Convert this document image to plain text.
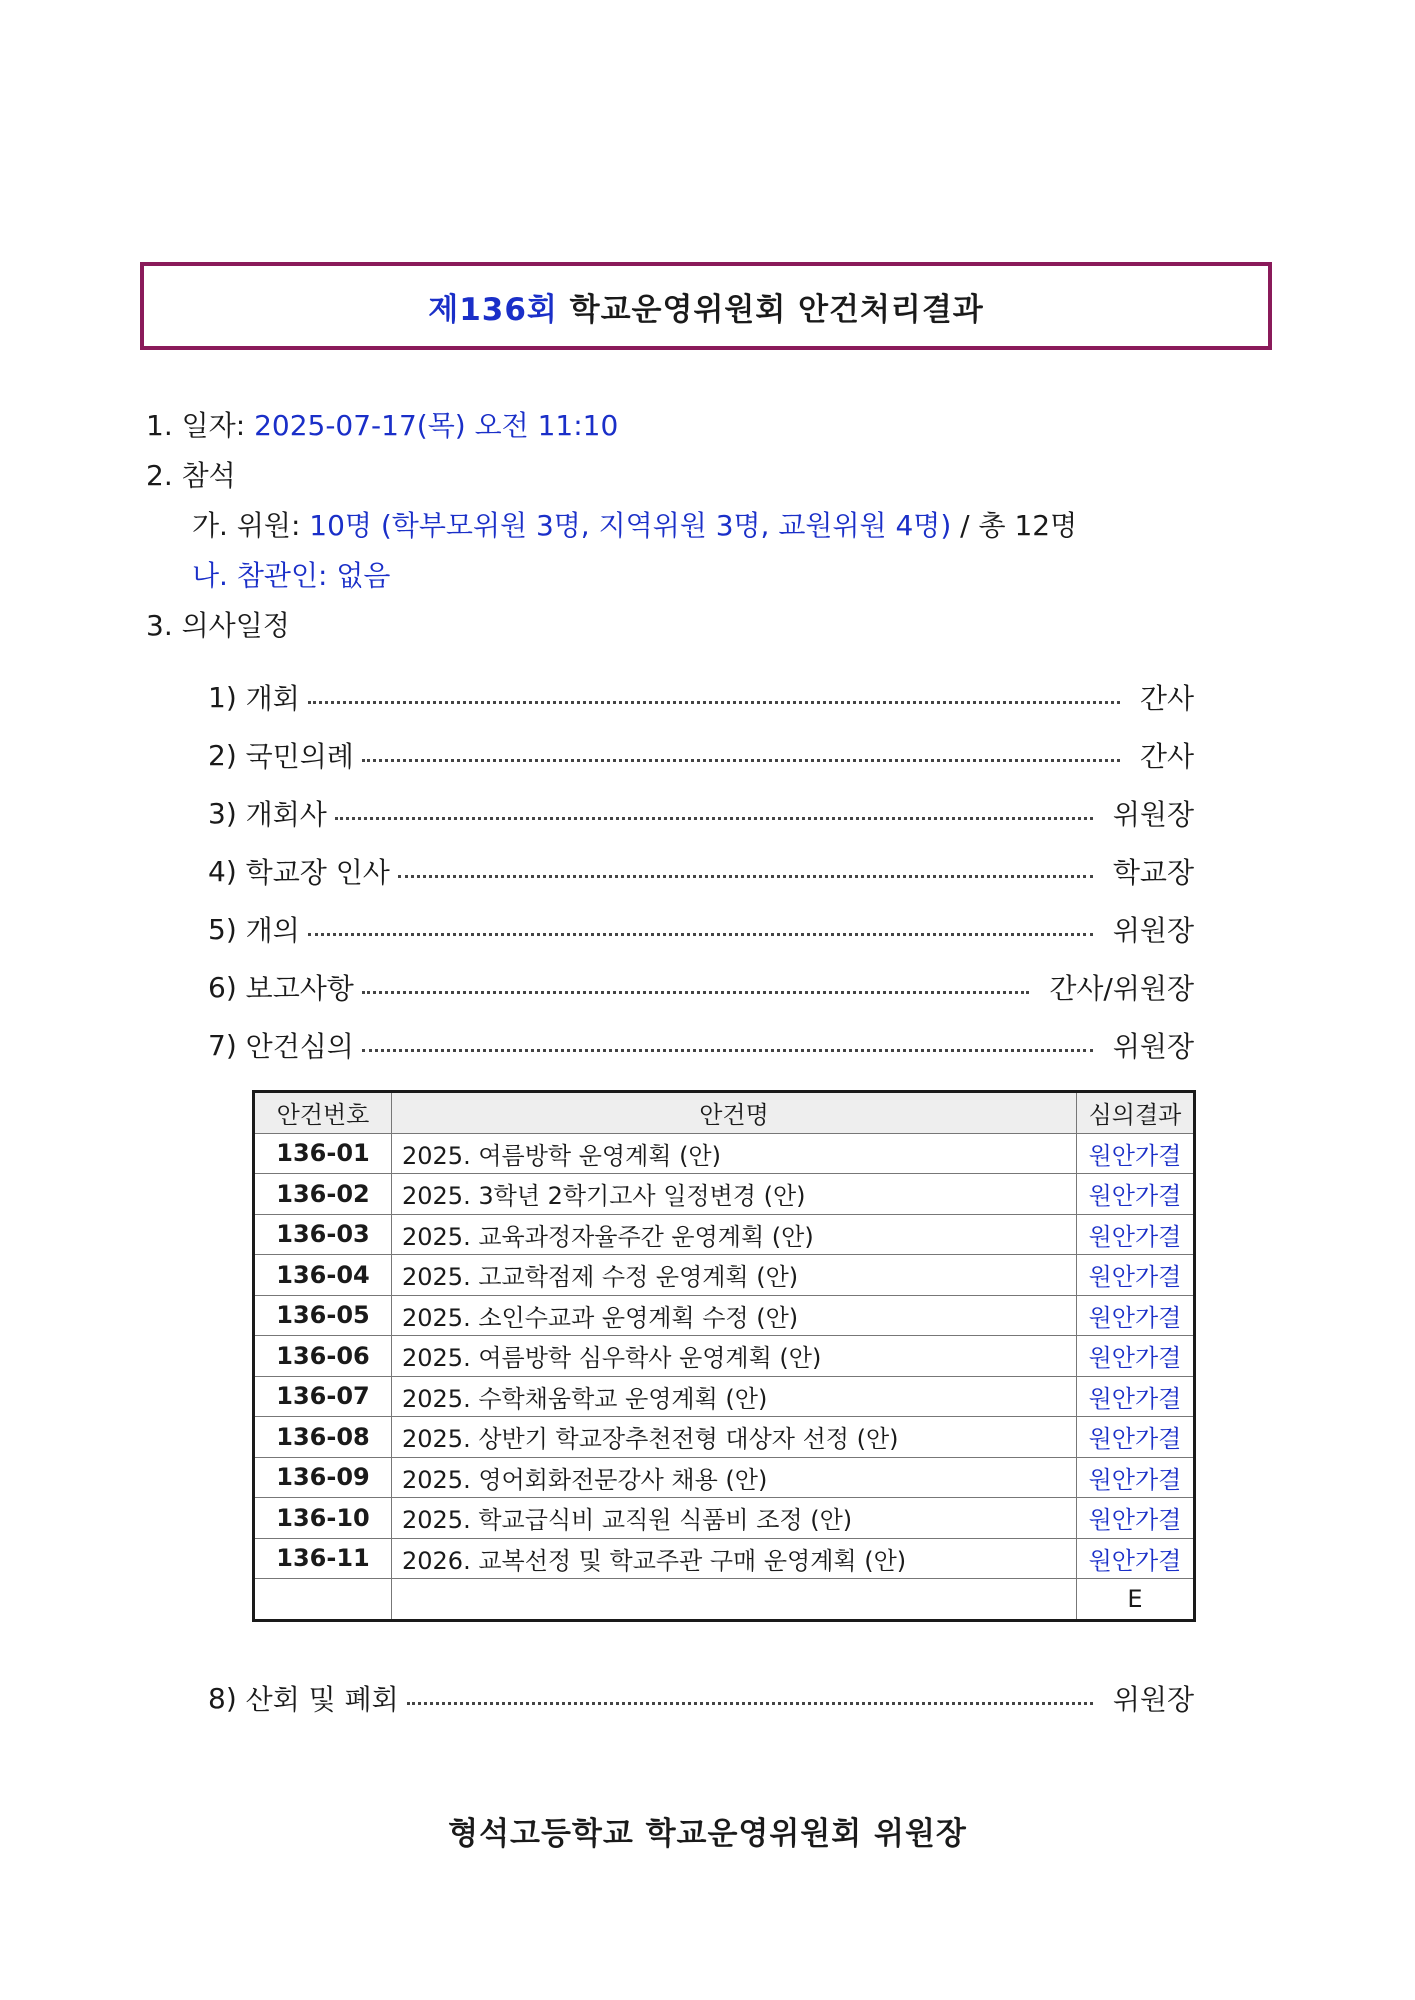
제136회
학교운영위원회 안건처리결과
1. 일자: 2025-07-17(목) 오전 11:10
2. 참석
가. 위원: 10명 (학부모위원 3명, 지역위원 3명, 교원위원 4명) / 총 12명
나. 참관인: 없음
3. 의사일정
1)
개회	간사
2)
국민의례	간사
3)
개회사	위원장
4)
학교장 인사	학교장
5)
개의	위원장
6)
보고사항	간사/위원장
7)
안건심의	위원장
안건번호	안건명	심의결과
136-01	2025. 여름방학 운영계획 (안)	원안가결
136-02	2025. 3학년 2학기고사 일정변경 (안)	원안가결
136-03	2025. 교육과정자율주간 운영계획 (안)	원안가결
136-04	2025. 고교학점제 수정 운영계획 (안)	원안가결
136-05	2025. 소인수교과 운영계획 수정 (안)	원안가결
136-06	2025. 여름방학 심우학사 운영계획 (안)	원안가결
136-07	2025. 수학채움학교 운영계획 (안)	원안가결
136-08	2025. 상반기 학교장추천전형 대상자 선정 (안)	원안가결
136-09	2025. 영어회화전문강사 채용 (안)	원안가결
136-10	2025. 학교급식비 교직원 식품비 조정 (안)	원안가결
136-11	2026. 교복선정 및 학교주관 구매 운영계획 (안)	원안가결
		E
8)
산회 및 폐회	위원장
형석고등학교 학교운영위원회 위원장
